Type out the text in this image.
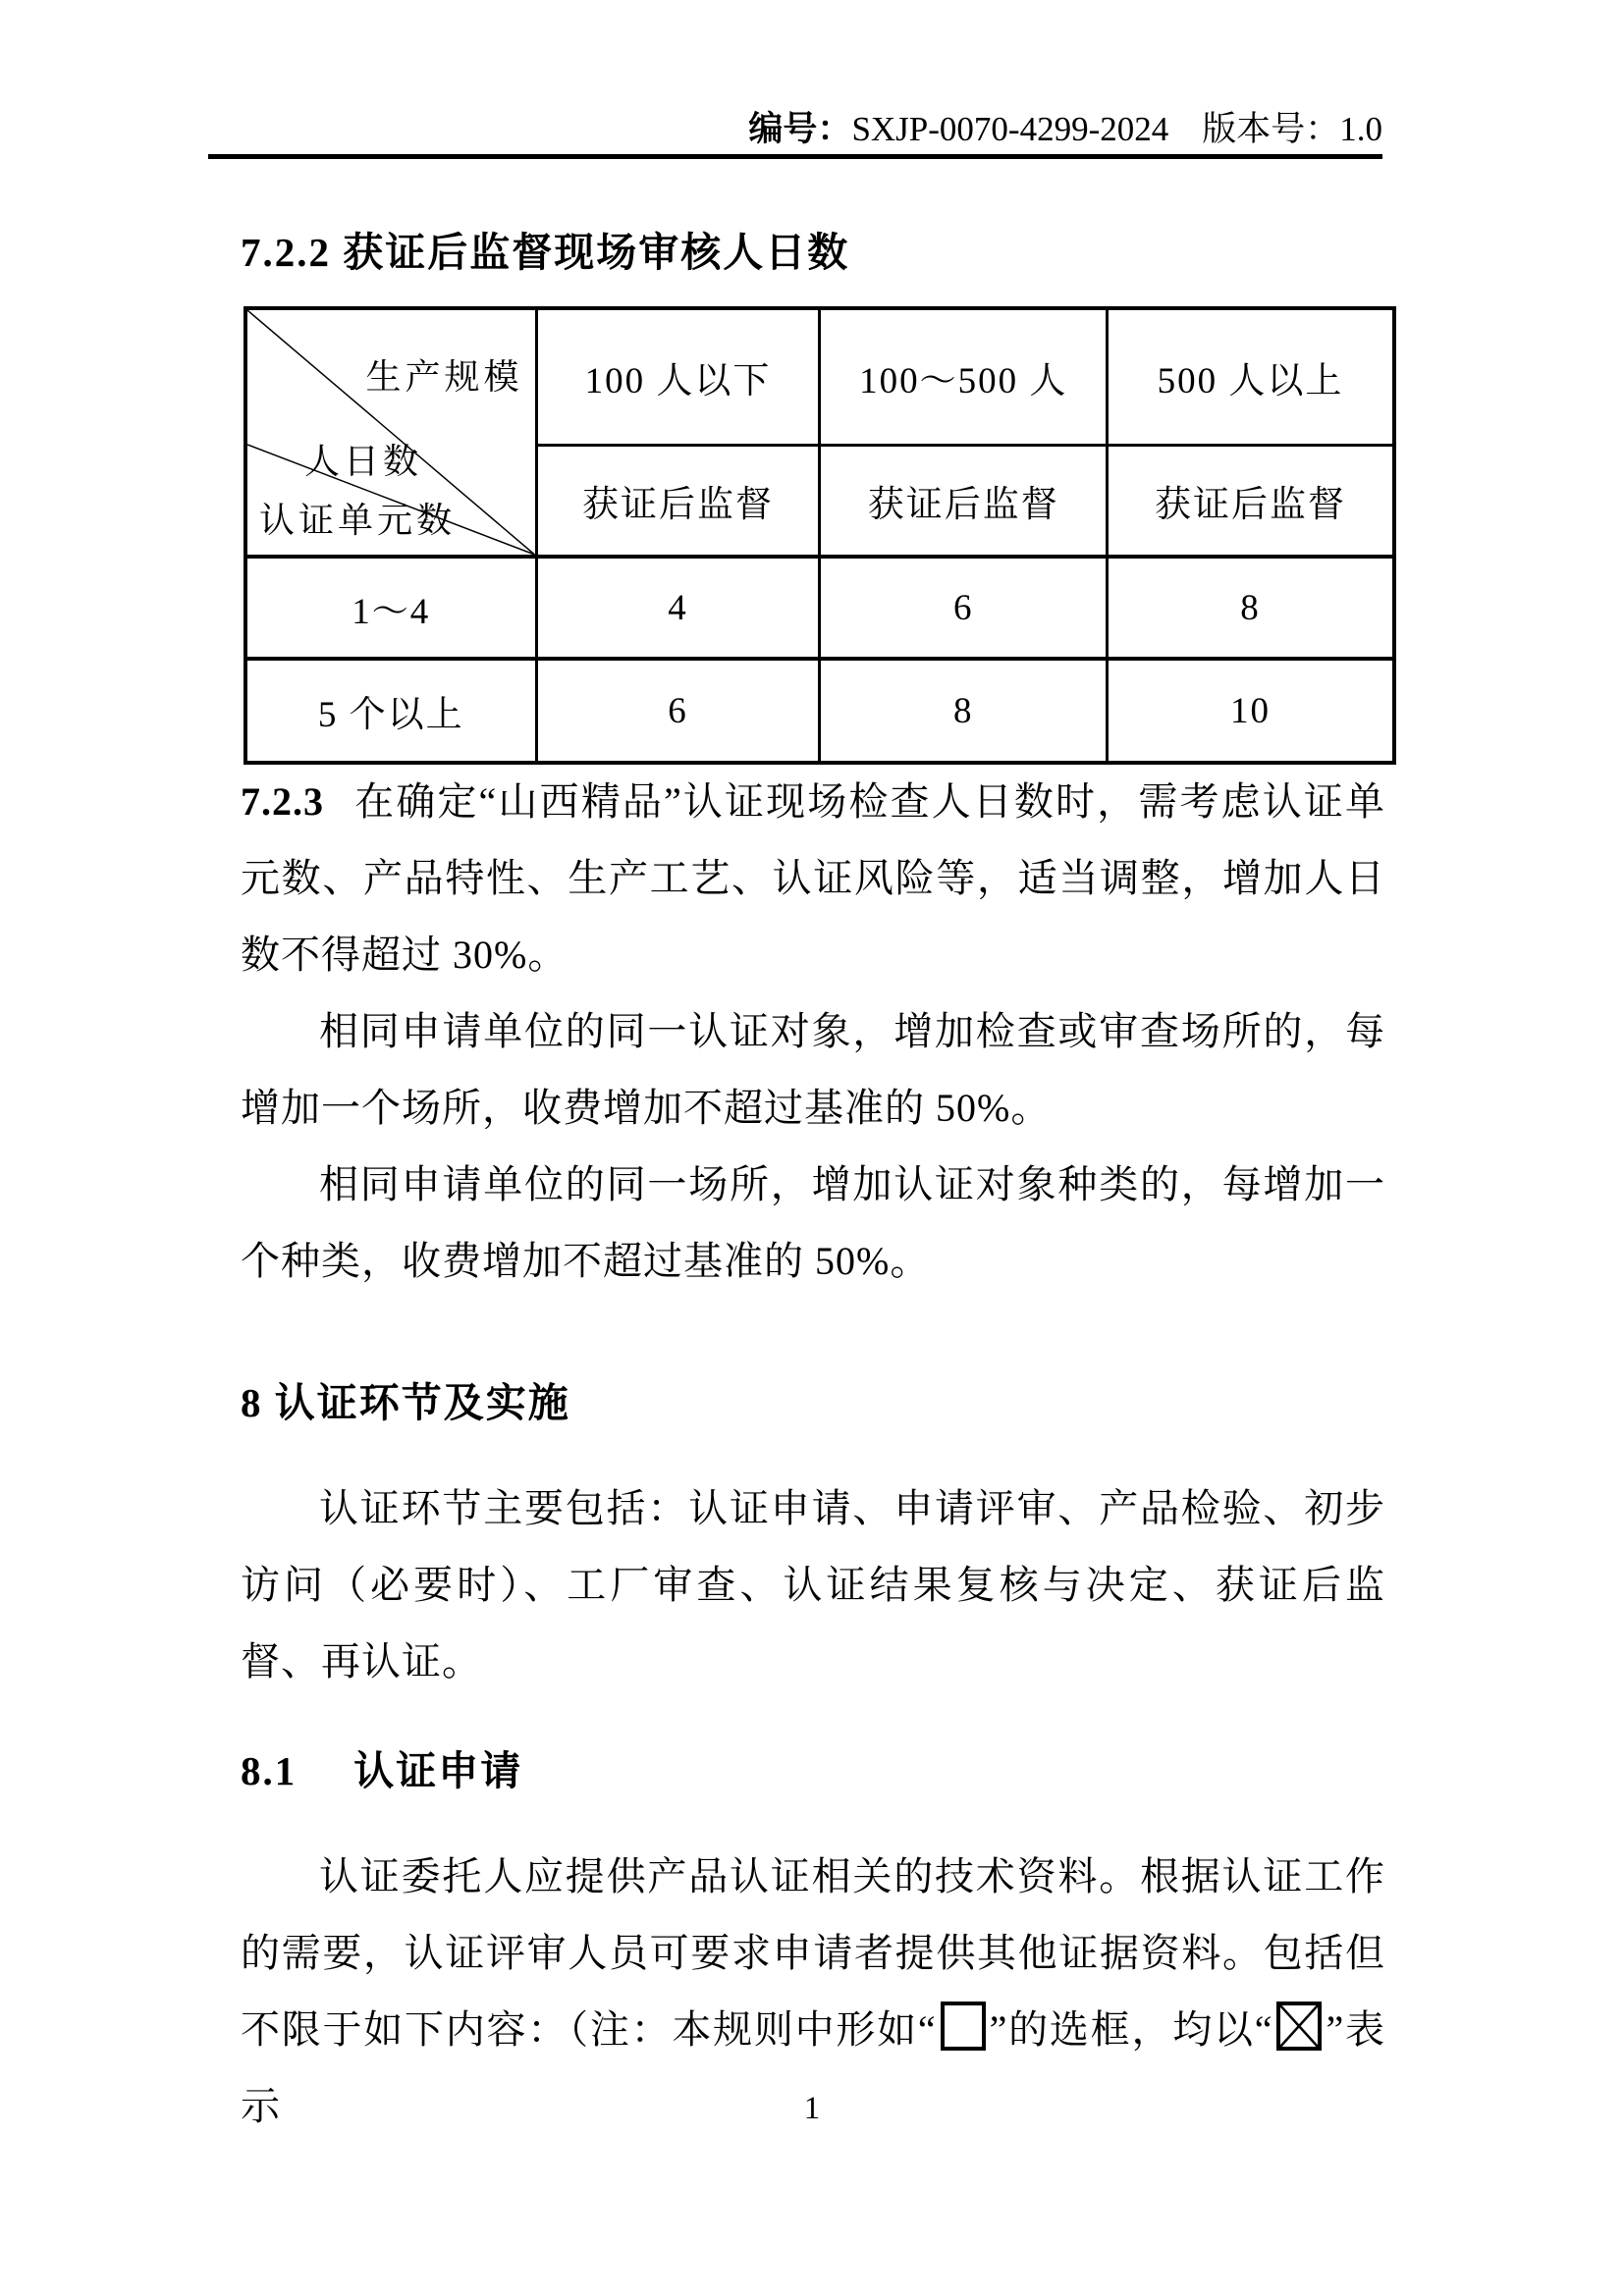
编号：SXJP-0070-4299-2024 版本号：1.0
7.2.2 获证后监督现场审核人日数
生产规模
人日数
认证单元数	100 人以下	100～500 人	500 人以上
	获证后监督	获证后监督	获证后监督
1～4	4	6	8
5 个以上	6	8	10

7.2.3 在确定“山西精品”认证现场检查人日数时，需考虑认证单元数、产品特性、生产工艺、认证风险等，适当调整，增加人日数不得超过 30%。

相同申请单位的同一认证对象，增加检查或审查场所的，每增加一个场所，收费增加不超过基准的 50%。

相同申请单位的同一场所，增加认证对象种类的，每增加一个种类，收费增加不超过基准的 50%。

8 认证环节及实施

认证环节主要包括：认证申请、申请评审、产品检验、初步访问（必要时）、工厂审查、认证结果复核与决定、获证后监督、再认证。

8.1 认证申请

认证委托人应提供产品认证相关的技术资料。根据认证工作的需要，认证评审人员可要求申请者提供其他证据资料。包括但不限于如下内容：（注：本规则中形如“ ”的选框，均以“ ”表示	1
